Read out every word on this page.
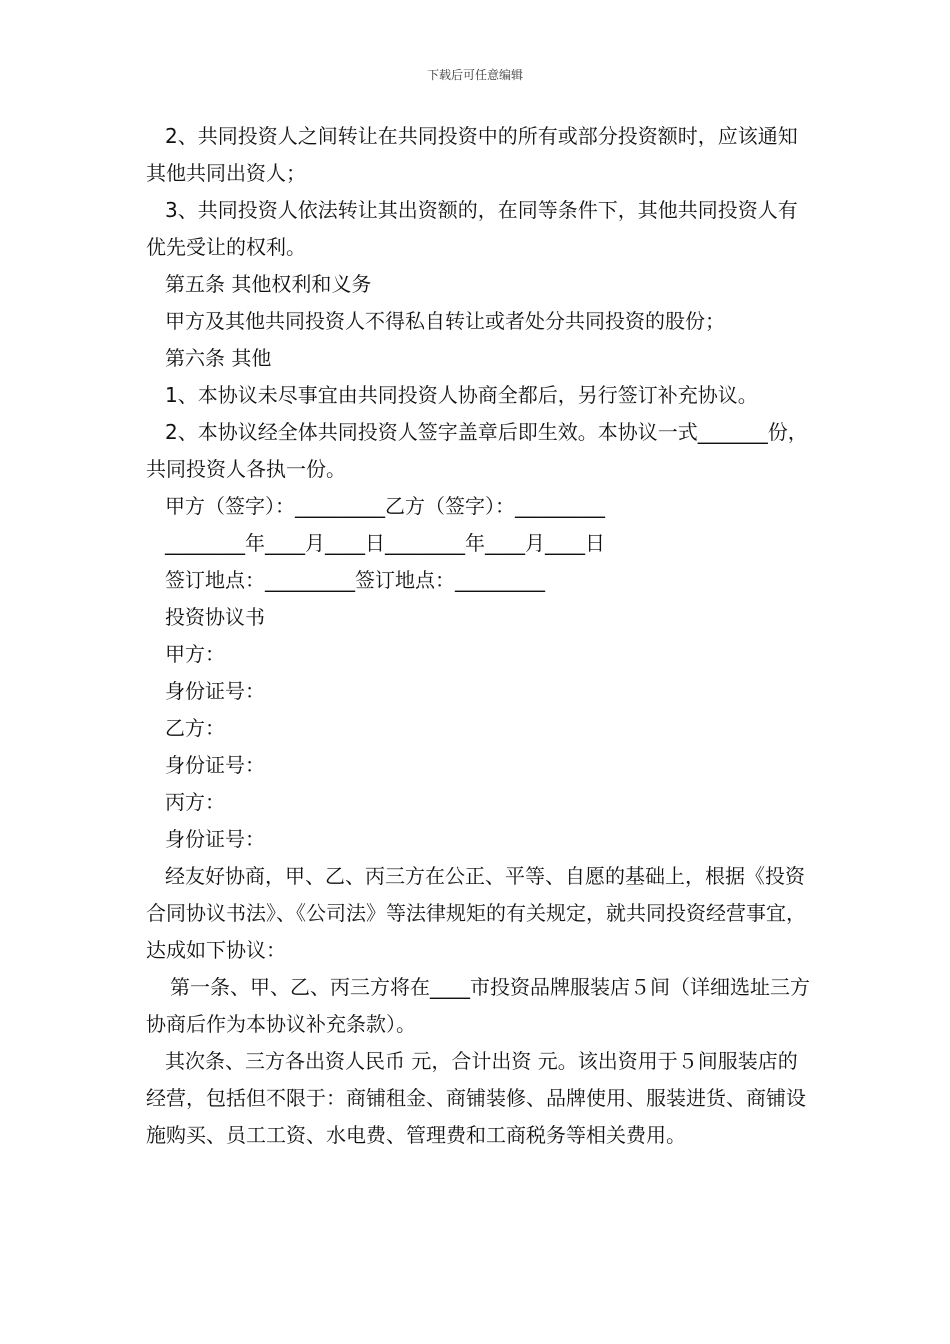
下载后可任意编辑

2、共同投资人之间转让在共同投资中的所有或部分投资额时，应该通知其他共同出资人；

3、共同投资人依法转让其出资额的，在同等条件下，其他共同投资人有优先受让的权利。

第五条 其他权利和义务

甲方及其他共同投资人不得私自转让或者处分共同投资的股份；

第六条 其他

1、本协议未尽事宜由共同投资人协商全都后，另行签订补充协议。

2、本协议经全体共同投资人签字盖章后即生效。本协议一式_______份，共同投资人各执一份。

甲方（签字）：_________乙方（签字）：_________

________年____月____日________年____月____日

签订地点：_________签订地点：_________

投资协议书

甲方：

身份证号：

乙方：

身份证号：

丙方：

身份证号：

经友好协商，甲、乙、丙三方在公正、平等、自愿的基础上，根据《投资合同协议书法》、《公司法》等法律规矩的有关规定，就共同投资经营事宜，达成如下协议：

第一条、甲、乙、丙三方将在____市投资品牌服装店５间（详细选址三方协商后作为本协议补充条款）。

其次条、三方各出资人民币 元，合计出资 元。该出资用于５间服装店的经营，包括但不限于：商铺租金、商铺装修、品牌使用、服装进货、商铺设施购买、员工工资、水电费、管理费和工商税务等相关费用。
